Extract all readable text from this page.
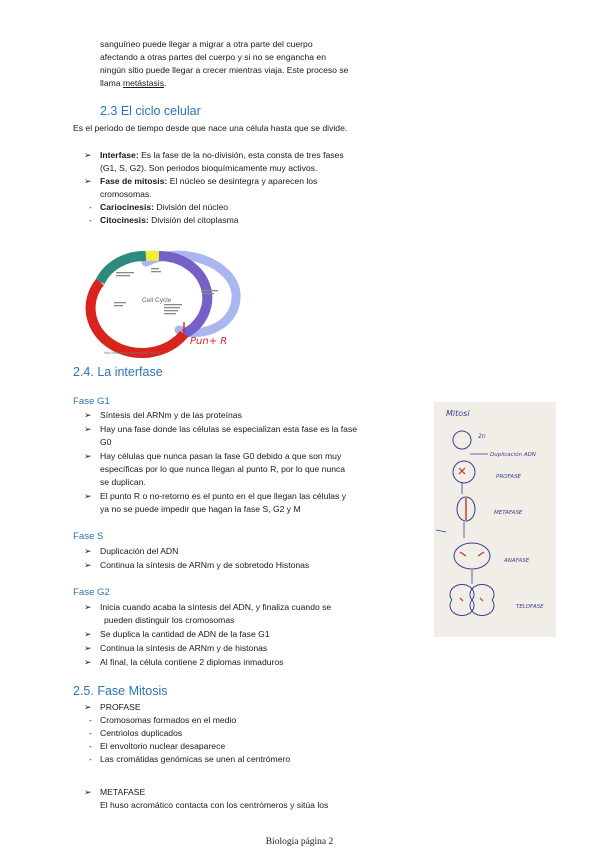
sanguíneo puede llegar a migrar a otra parte del cuerpo
afectando a otras partes del cuerpo y si no se engancha en
ningún sitio puede llegar a crecer mientras viaja. Este proceso se
llama metástasis.
2.3 El ciclo celular
Es el periodo de tiempo desde que nace una célula hasta que se divide.
➢ Interfase: Es la fase de la no-división, esta consta de tres fases
(G1, S, G2). Son periodos bioquímicamente muy activos.
➢ Fase de mitosis: El núcleo se desintegra y aparecen los
cromosomas.
- Cariocinesis: División del núcleo
- Citocinesis: División del citoplasma
Cell Cycle
Pun+ R
http://zientzia.wordpress.org/?p=1187
2.4. La interfase
Fase G1
➢ Síntesis del ARNm y de las proteínas
➢ Hay una fase donde las células se especializan esta fase es la fase
G0
➢ Hay células que nunca pasan la fase G0 debido a que son muy
específicas por lo que nunca llegan al punto R, por lo que nunca
se duplican.
➢ El punto R o no-retorno es el punto en el que llegan las células y
ya no se puede impedir que hagan la fase S, G2 y M
Fase S
➢ Duplicación del ADN
➢ Continua la síntesis de ARNm y de sobretodo Histonas
Fase G2
➢ Inicia cuando acaba la síntesis del ADN, y finaliza cuando se
pueden distinguir los cromosomas
➢ Se duplica la cantidad de ADN de la fase G1
➢ Continua la síntesis de ARNm y de histonas
➢ Al final, la célula contiene 2 diplomas inmaduros
Mitosi
2n
Duplicación ADN
PROFASE
METAFASE
ANAFASE
TELOFASE
2.5. Fase Mitosis
➢ PROFASE
- Cromosomas formados en el medio
- Centriolos duplicados
- El envoltorio nuclear desaparece
- Las cromátidas genómicas se unen al centrómero
➢ METAFASE
El huso acromático contacta con los centrómeros y sitúa los
Biología página 2
